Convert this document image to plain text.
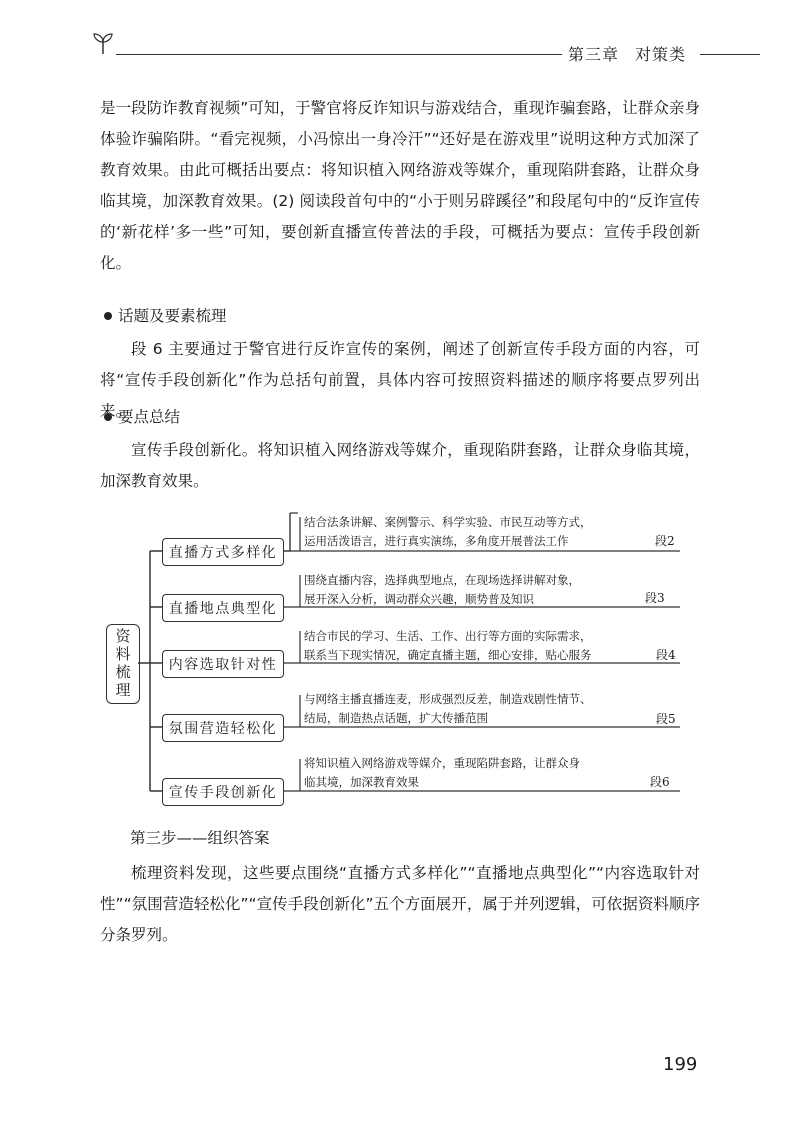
第三章 对策类
是一段防诈教育视频”可知，于警官将反诈知识与游戏结合，重现诈骗套路，让群众亲身体验诈骗陷阱。“看完视频，小冯惊出一身冷汗”“还好是在游戏里”说明这种方式加深了教育效果。由此可概括出要点：将知识植入网络游戏等媒介，重现陷阱套路，让群众身临其境，加深教育效果。(2) 阅读段首句中的“小于则另辟蹊径”和段尾句中的“反诈宣传的‘新花样’多一些”可知，要创新直播宣传普法的手段，可概括为要点：宣传手段创新化。
话题及要素梳理
段 6 主要通过于警官进行反诈宣传的案例，阐述了创新宣传手段方面的内容，可将“宣传手段创新化”作为总括句前置，具体内容可按照资料描述的顺序将要点罗列出来。
要点总结
宣传手段创新化。将知识植入网络游戏等媒介，重现陷阱套路，让群众身临其境，加深教育效果。
资料梳理
直播方式多样化
结合法条讲解、案例警示、科学实验、市民互动等方式，
运用活泼语言，进行真实演练，多角度开展普法工作	段2
直播地点典型化
围绕直播内容，选择典型地点，在现场选择讲解对象，
展开深入分析，调动群众兴趣，顺势普及知识	段3
内容选取针对性
结合市民的学习、生活、工作、出行等方面的实际需求，
联系当下现实情况，确定直播主题，细心安排，贴心服务	段4
氛围营造轻松化
与网络主播直播连麦，形成强烈反差，制造戏剧性情节、
结局，制造热点话题，扩大传播范围	段5
宣传手段创新化
将知识植入网络游戏等媒介，重现陷阱套路，让群众身
临其境，加深教育效果	段6
第三步——组织答案
梳理资料发现，这些要点围绕“直播方式多样化”“直播地点典型化”“内容选取针对性”“氛围营造轻松化”“宣传手段创新化”五个方面展开，属于并列逻辑，可依据资料顺序分条罗列。
199
